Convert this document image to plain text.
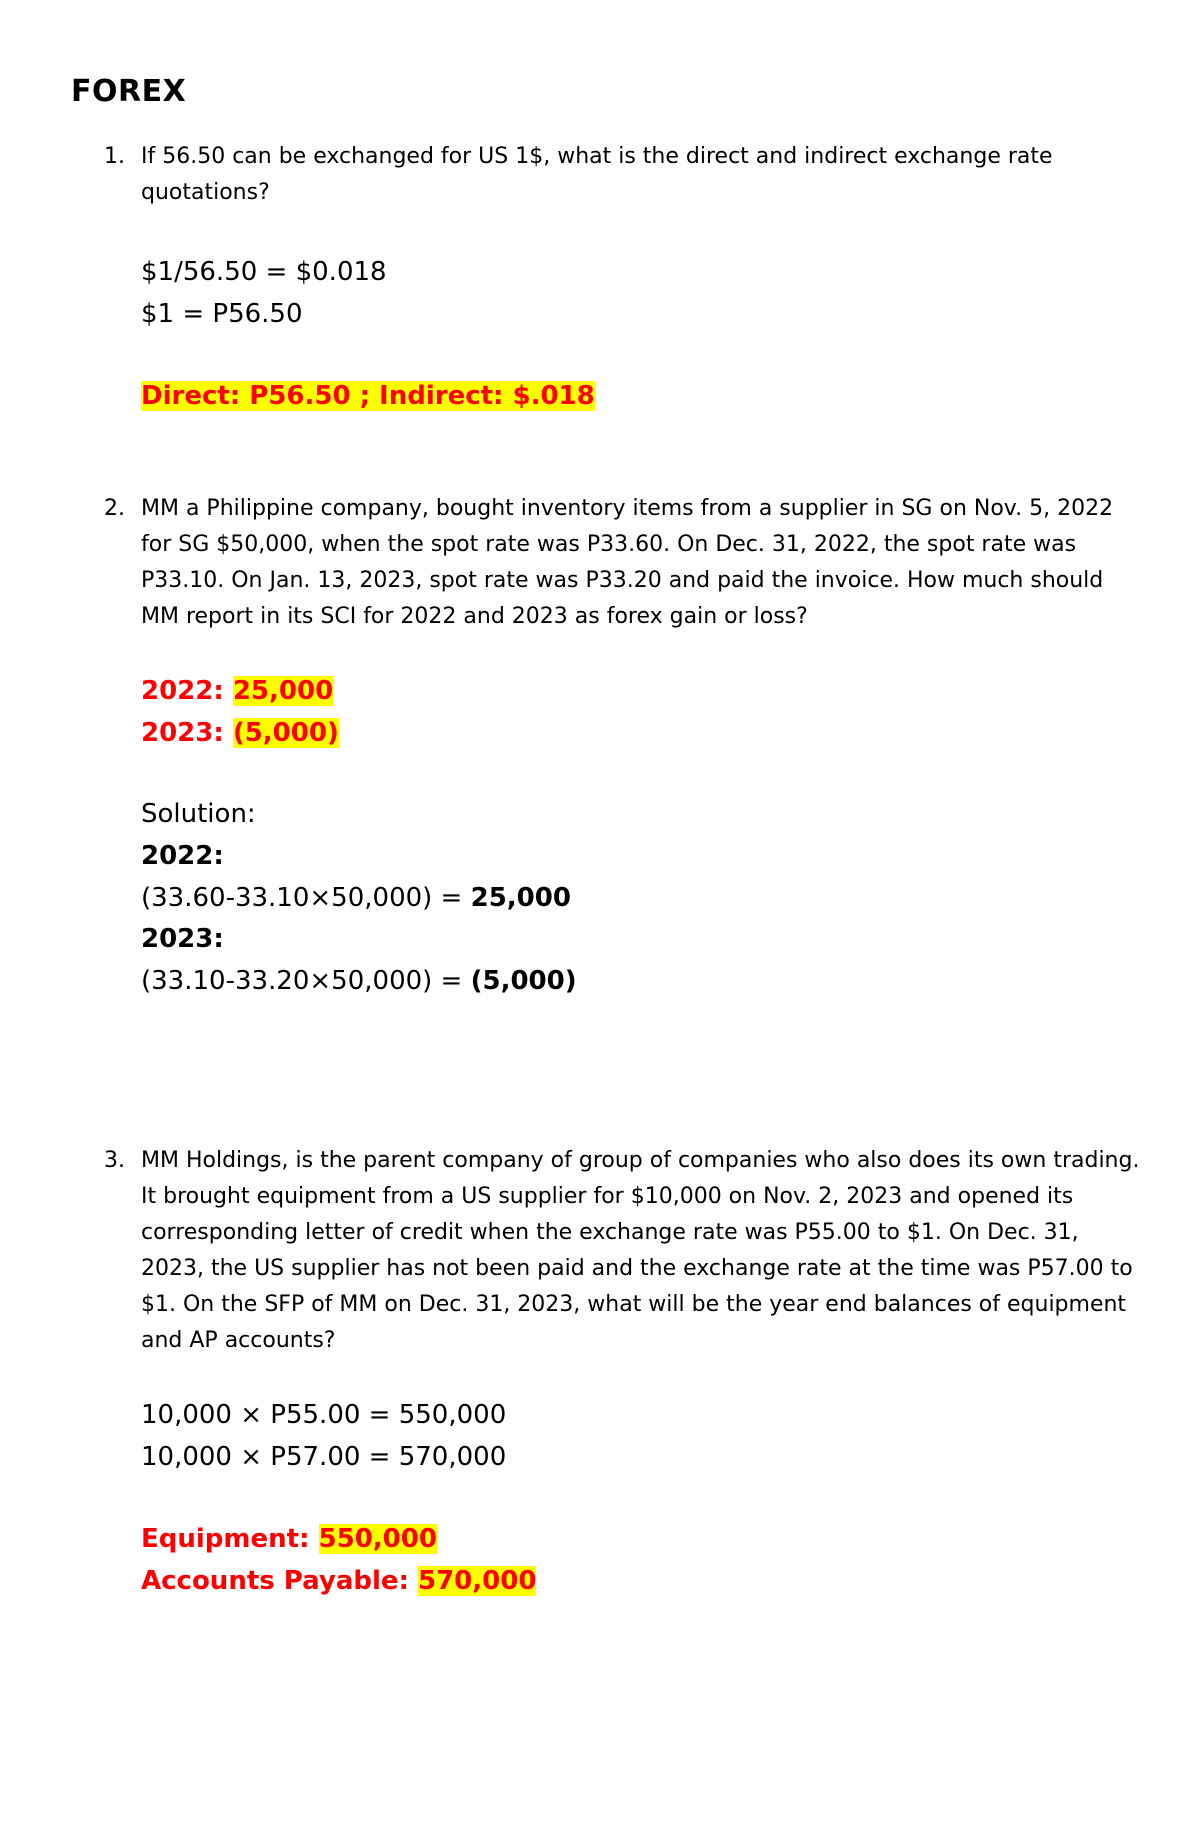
FOREX
1. If 56.50 can be exchanged for US 1$, what is the direct and indirect exchange rate quotations?
$1/56.50 = $0.018
$1 = P56.50
Direct: P56.50 ; Indirect: $.018
2. MM a Philippine company, bought inventory items from a supplier in SG on Nov. 5, 2022 for SG $50,000, when the spot rate was P33.60. On Dec. 31, 2022, the spot rate was P33.10. On Jan. 13, 2023, spot rate was P33.20 and paid the invoice. How much should MM report in its SCI for 2022 and 2023 as forex gain or loss?
2022: 25,000
2023: (5,000)
Solution:
2022:
(33.60-33.10×50,000) = 25,000
2023:
(33.10-33.20×50,000) = (5,000)
3. MM Holdings, is the parent company of group of companies who also does its own trading. It brought equipment from a US supplier for $10,000 on Nov. 2, 2023 and opened its corresponding letter of credit when the exchange rate was P55.00 to $1. On Dec. 31, 2023, the US supplier has not been paid and the exchange rate at the time was P57.00 to $1. On the SFP of MM on Dec. 31, 2023, what will be the year end balances of equipment and AP accounts?
10,000 × P55.00 = 550,000
10,000 × P57.00 = 570,000
Equipment: 550,000
Accounts Payable: 570,000
